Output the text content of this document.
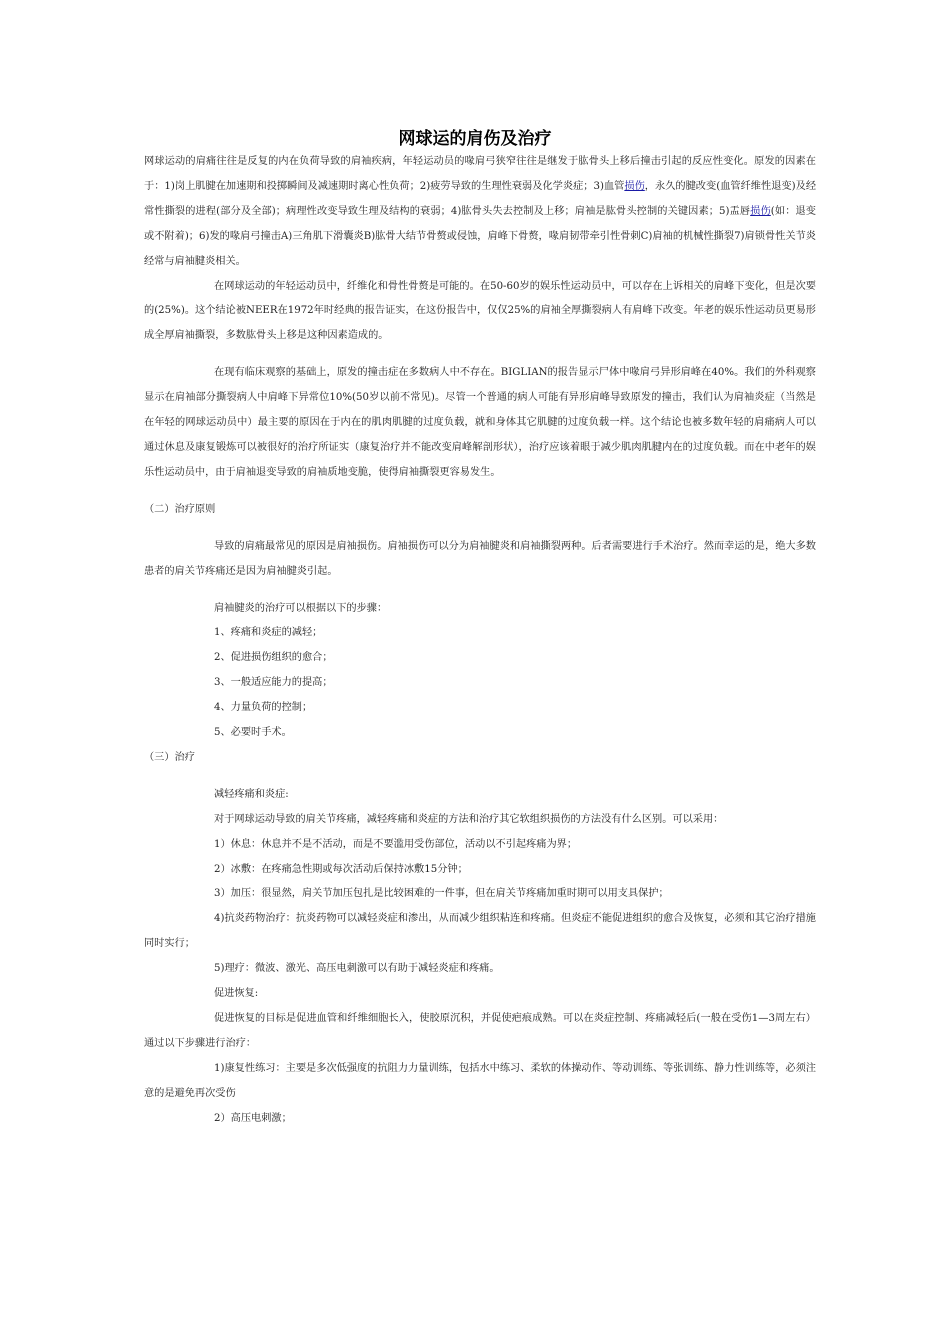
网球运的肩伤及治疗

网球运动的肩痛往往是反复的内在负荷导致的肩袖疾病，年轻运动员的喙肩弓狭窄往往是继发于肱骨头上移后撞击引起的反应性变化。原发的因素在于：1)岗上肌腱在加速期和投掷瞬间及减速期时离心性负荷；2)疲劳导致的生理性衰弱及化学炎症；3)血管损伤，永久的腱改变(血管纤维性退变)及经常性撕裂的进程(部分及全部)；病理性改变导致生理及结构的衰弱；4)肱骨头失去控制及上移；肩袖是肱骨头控制的关键因素；5)盂唇损伤(如：退变或不附着)；6)发的喙肩弓撞击A)三角肌下滑囊炎B)肱骨大结节骨赘或侵蚀，肩峰下骨赘，喙肩韧带牵引性骨刺C)肩袖的机械性撕裂7)肩锁骨性关节炎经常与肩袖腱炎相关。

在网球运动的年轻运动员中，纤维化和骨性骨赘是可能的。在50-60岁的娱乐性运动员中，可以存在上诉相关的肩峰下变化，但是次要的(25%)。这个结论被NEER在1972年时经典的报告证实，在这份报告中，仅仅25%的肩袖全厚撕裂病人有肩峰下改变。年老的娱乐性运动员更易形成全厚肩袖撕裂，多数肱骨头上移是这种因素造成的。

在现有临床观察的基础上，原发的撞击症在多数病人中不存在。BIGLIAN的报告显示尸体中喙肩弓异形肩峰在40%。我们的外科观察显示在肩袖部分撕裂病人中肩峰下异常位10%(50岁以前不常见)。尽管一个普通的病人可能有异形肩峰导致原发的撞击，我们认为肩袖炎症（当然是在年轻的网球运动员中）最主要的原因在于内在的肌肉肌腱的过度负载，就和身体其它肌腱的过度负载一样。这个结论也被多数年轻的肩痛病人可以通过休息及康复锻炼可以被很好的治疗所证实（康复治疗并不能改变肩峰解剖形状），治疗应该着眼于减少肌肉肌腱内在的过度负载。而在中老年的娱乐性运动员中，由于肩袖退变导致的肩袖质地变脆，使得肩袖撕裂更容易发生。

（二）治疗原则

导致的肩痛最常见的原因是肩袖损伤。肩袖损伤可以分为肩袖腱炎和肩袖撕裂两种。后者需要进行手术治疗。然而幸运的是，绝大多数患者的肩关节疼痛还是因为肩袖腱炎引起。

肩袖腱炎的治疗可以根据以下的步骤：

1、疼痛和炎症的减轻；

2、促进损伤组织的愈合；

3、一般适应能力的提高；

4、力量负荷的控制；

5、必要时手术。

（三）治疗

减轻疼痛和炎症:

对于网球运动导致的肩关节疼痛，减轻疼痛和炎症的方法和治疗其它软组织损伤的方法没有什么区别。可以采用：

1）休息：休息并不是不活动，而是不要滥用受伤部位，活动以不引起疼痛为界；

2）冰敷：在疼痛急性期或每次活动后保持冰敷15分钟；

3）加压：很显然，肩关节加压包扎是比较困难的一件事，但在肩关节疼痛加重时期可以用支具保护；

4)抗炎药物治疗：抗炎药物可以减轻炎症和渗出，从而减少组织粘连和疼痛。但炎症不能促进组织的愈合及恢复，必须和其它治疗措施同时实行；

5)理疗：微波、激光、高压电刺激可以有助于减轻炎症和疼痛。

促进恢复:

促进恢复的目标是促进血管和纤维细胞长入，使胶原沉积，并促使疤痕成熟。可以在炎症控制、疼痛减轻后(一般在受伤1—3周左右）通过以下步骤进行治疗：

1)康复性练习：主要是多次低强度的抗阻力力量训练，包括水中练习、柔软的体操动作、等动训练、等张训练、静力性训练等，必须注意的是避免再次受伤

2）高压电刺激；
